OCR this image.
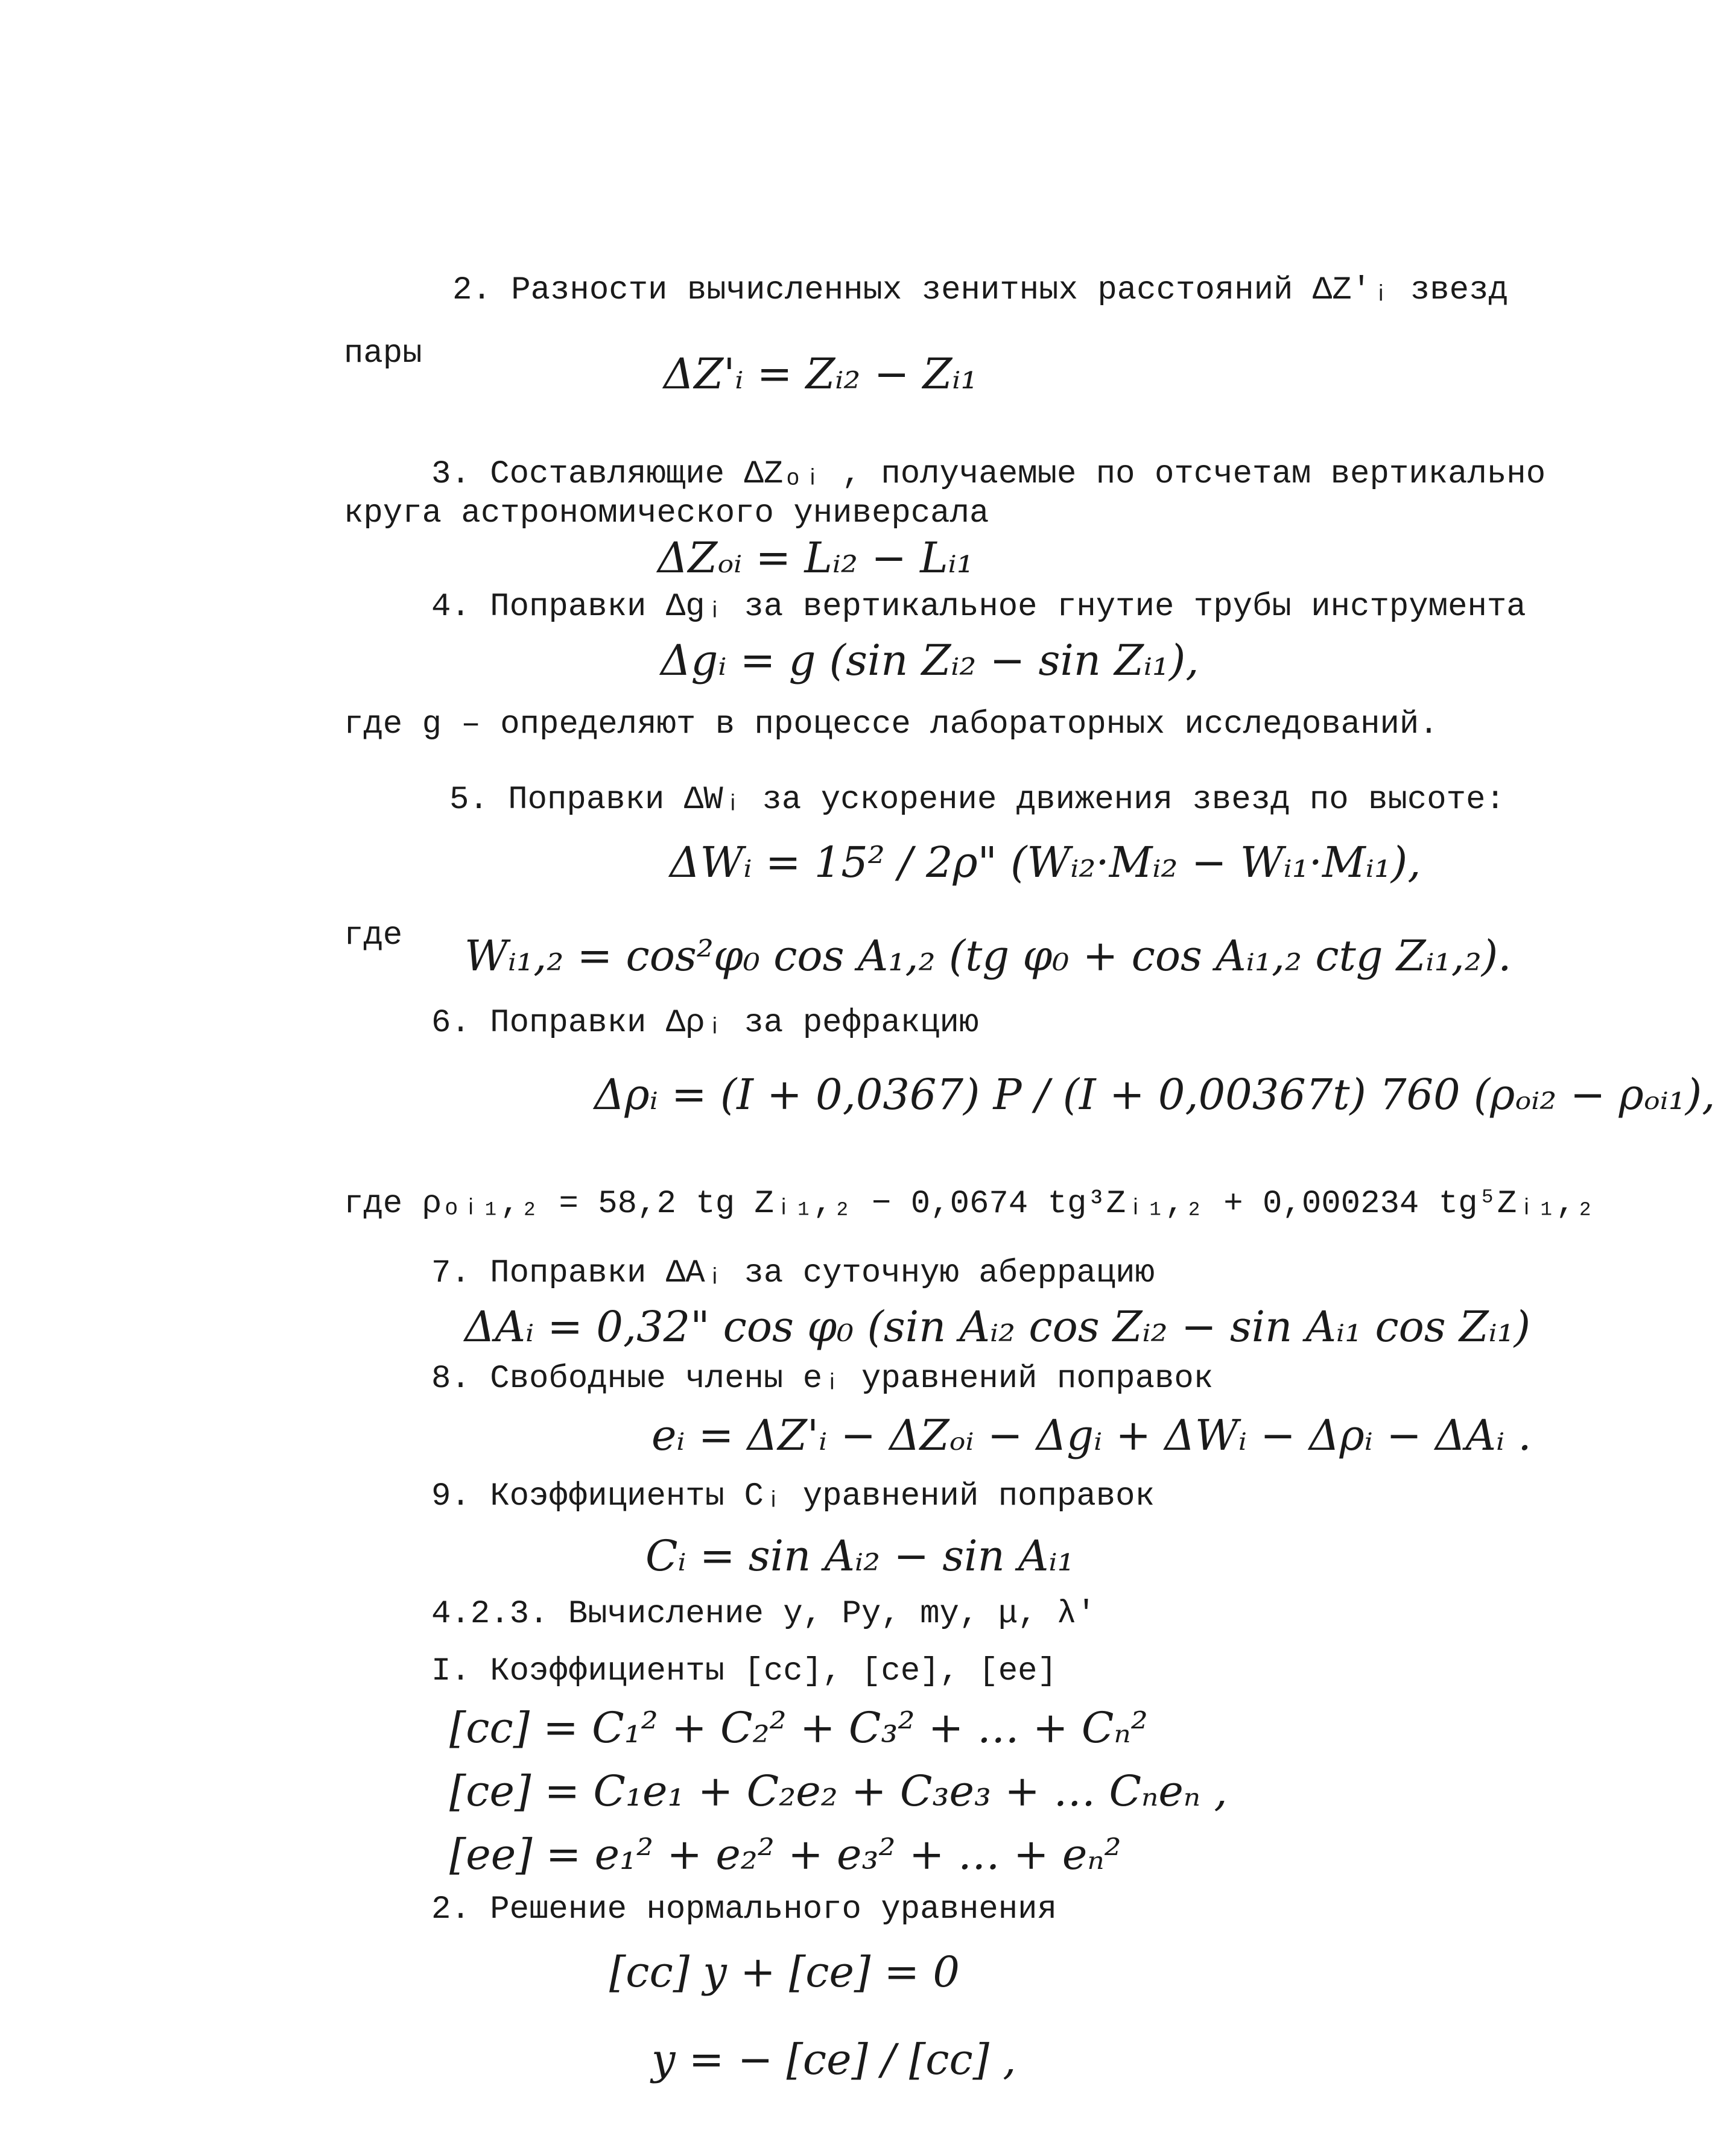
2. Разности вычисленных зенитных расстояний ΔZ'ᵢ звезд
пары	ΔZ'ᵢ = Zᵢ₂ − Zᵢ₁
3. Составляющие ΔZₒᵢ , получаемые по отсчетам вертикально
круга астрономического универсала
ΔZₒᵢ = Lᵢ₂ − Lᵢ₁
4. Поправки Δgᵢ за вертикальное гнутие трубы инструмента
Δgᵢ = g (sin Zᵢ₂ − sin Zᵢ₁),
где g – определяют в процессе лабораторных исследований.
5. Поправки ΔWᵢ за ускорение движения звезд по высоте:
ΔWᵢ = 15² / 2ρ" (Wᵢ₂·Mᵢ₂ − Wᵢ₁·Mᵢ₁),
где Wᵢ₁,₂ = cos²φ₀ cos A₁,₂ (tg φ₀ + cos Aᵢ₁,₂ ctg Zᵢ₁,₂).
6. Поправки Δρᵢ за рефракцию
Δρᵢ = (I + 0,0367) P / (I + 0,00367t) 760 (ρₒᵢ₂ − ρₒᵢ₁),
где ρₒᵢ₁,₂ = 58,2 tg Zᵢ₁,₂ − 0,0674 tg³Zᵢ₁,₂ + 0,000234 tg⁵Zᵢ₁,₂
7. Поправки ΔAᵢ за суточную аберрацию
ΔAᵢ = 0,32" cos φ₀ (sin Aᵢ₂ cos Zᵢ₂ − sin Aᵢ₁ cos Zᵢ₁)
8. Свободные члены eᵢ уравнений поправок
eᵢ = ΔZ'ᵢ − ΔZₒᵢ − Δgᵢ + ΔWᵢ − Δρᵢ − ΔAᵢ .
9. Коэффициенты Cᵢ уравнений поправок
Cᵢ = sin Aᵢ₂ − sin Aᵢ₁
4.2.3. Вычисление y, Py, my, μ, λ'
I. Коэффициенты [cc], [ce], [ee]
[cc] = C₁² + C₂² + C₃² + … + Cₙ²
[ce] = C₁e₁ + C₂e₂ + C₃e₃ + … Cₙeₙ ,
[ee] = e₁² + e₂² + e₃² + … + eₙ²
2. Решение нормального уравнения
[cc] y + [ce] = 0
y = − [ce] / [cc] ,
